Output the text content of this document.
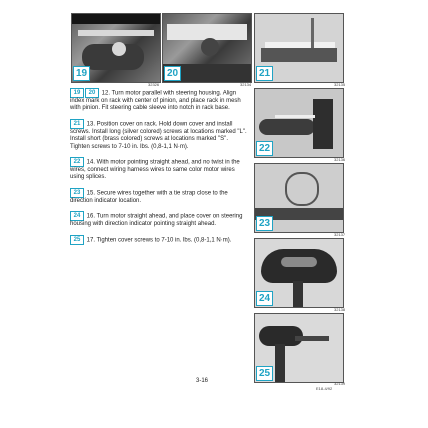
19
32326
20
32134
21
32135
22
32136
23
32137
24
32138
25
32139

19 20 12. Turn motor parallel with steering housing. Align index mark on rack with center of pinion, and place rack in mesh with pinion. Fit steering cable sleeve into notch in rack base.

21 13. Position cover on rack. Hold down cover and install screws. Install long (silver colored) screws at locations marked "L". Install short (brass colored) screws at locations marked "S". Tighten screws to 7-10 in. lbs. (0,8-1,1 N·m).

22 14. With motor pointing straight ahead, and no twist in the wires, connect wiring harness wires to same color motor wires using splices.

23 15. Secure wires together with a tie strap close to the direction indicator location.

24 16. Turn motor straight ahead, and place cover on steering housing with direction indicator pointing straight ahead.

25 17. Tighten cover screws to 7-10 in. lbs. (0,8-1,1 N·m).

3-16
E18-4/92
